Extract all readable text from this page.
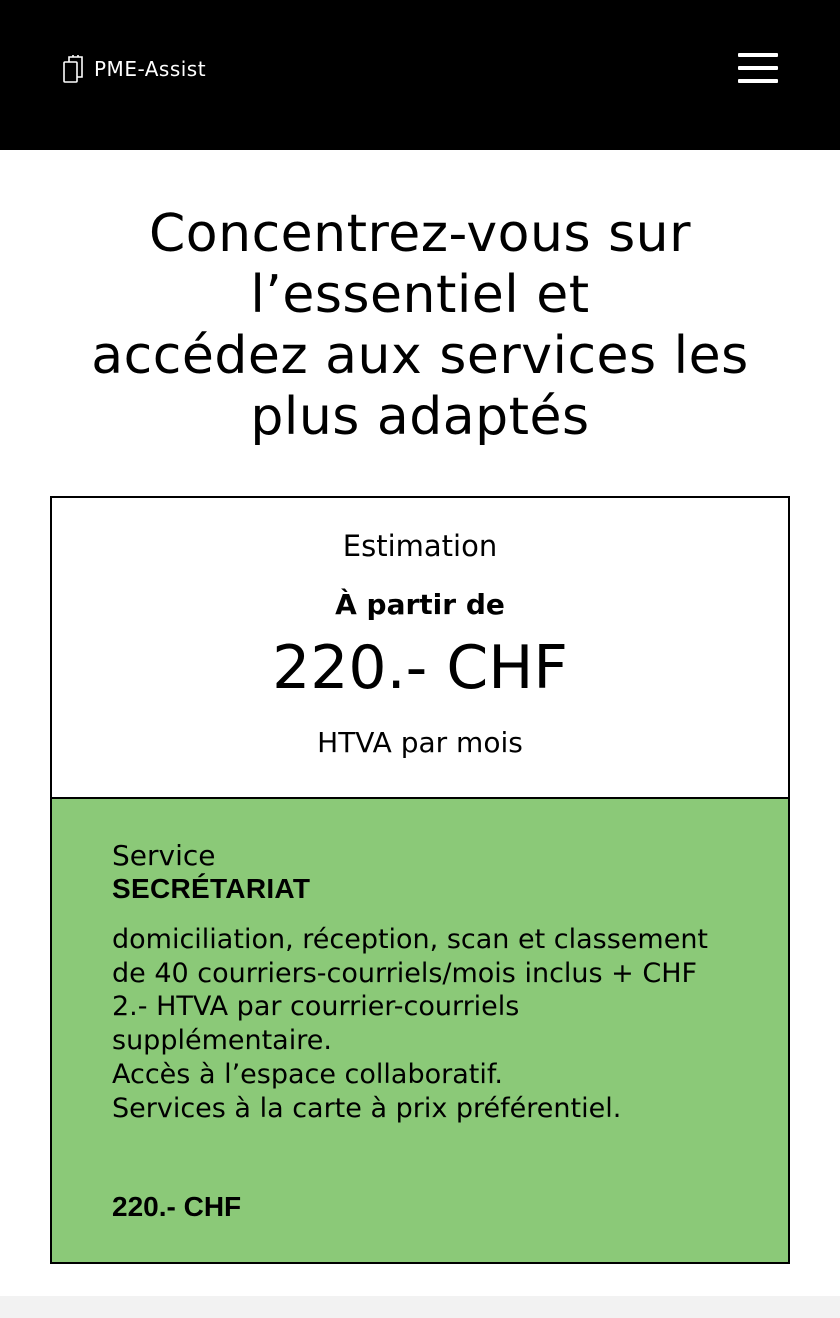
PME-Assist
Concentrez-vous sur
l’essentiel et
accédez aux services les
plus adaptés
Estimation
À partir de
220.- CHF
HTVA par mois
Service
SECRÉTARIAT
domiciliation, réception, scan et classement
de 40 courriers-courriels/mois inclus + CHF
2.- HTVA par courrier-courriels
supplémentaire.
Accès à l’espace collaboratif.
Services à la carte à prix préférentiel.
220.- CHF
